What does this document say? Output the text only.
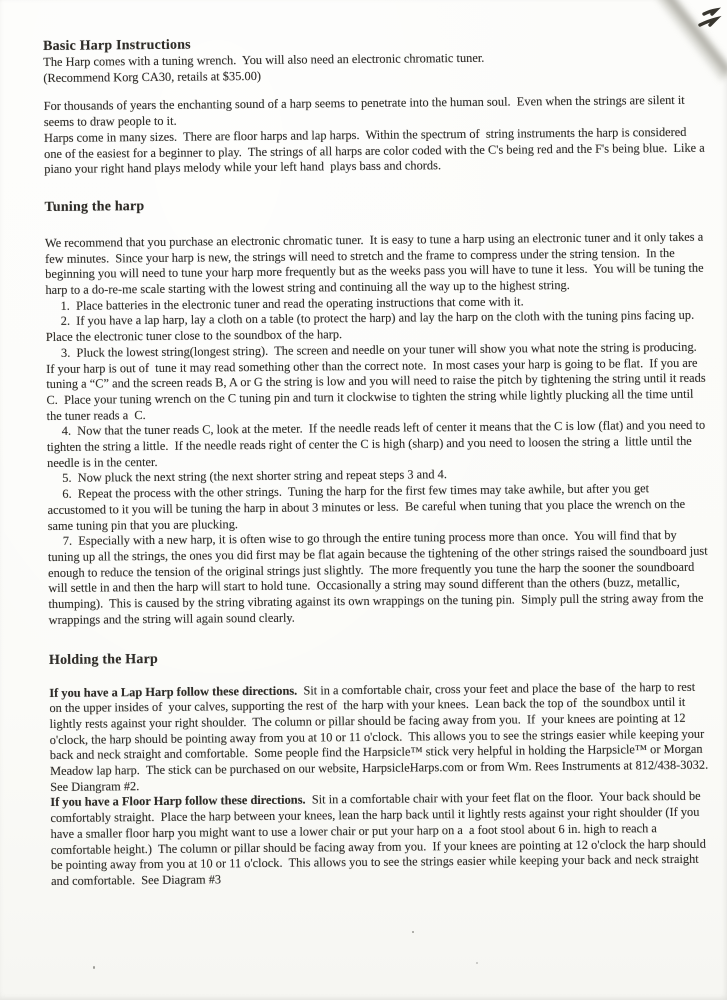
Basic Harp Instructions

The Harp comes with a tuning wrench.  You will also need an electronic chromatic tuner.

(Recommend Korg CA30, retails at $35.00)

For thousands of years the enchanting sound of a harp seems to penetrate into the human soul.  Even when the strings are silent it seems to draw people to it.

Harps come in many sizes.  There are floor harps and lap harps.  Within the spectrum of  string instruments the harp is considered one of the easiest for a beginner to play.  The strings of all harps are color coded with the C's being red and the F's being blue.  Like a piano your right hand plays melody while your left hand  plays bass and chords.

Tuning the harp

We recommend that you purchase an electronic chromatic tuner.  It is easy to tune a harp using an electronic tuner and it only takes a few minutes.  Since your harp is new, the strings will need to stretch and the frame to compress under the string tension.  In the beginning you will need to tune your harp more frequently but as the weeks pass you will have to tune it less.  You will be tuning the harp to a do-re-me scale starting with the lowest string and continuing all the way up to the highest string.

1.  Place batteries in the electronic tuner and read the operating instructions that come with it.

2.  If you have a lap harp, lay a cloth on a table (to protect the harp) and lay the harp on the cloth with the tuning pins facing up.  Place the electronic tuner close to the soundbox of the harp.

3.  Pluck the lowest string(longest string).  The screen and needle on your tuner will show you what note the string is producing.  If your harp is out of  tune it may read something other than the correct note.  In most cases your harp is going to be flat.  If you are tuning a “C” and the screen reads B, A or G the string is low and you will need to raise the pitch by tightening the string until it reads C.  Place your tuning wrench on the C tuning pin and turn it clockwise to tighten the string while lightly plucking all the time until the tuner reads a  C.

4.  Now that the tuner reads C, look at the meter.  If the needle reads left of center it means that the C is low (flat) and you need to tighten the string a little.  If the needle reads right of center the C is high (sharp) and you need to loosen the string a  little until the needle is in the center.

5.  Now pluck the next string (the next shorter string and repeat steps 3 and 4.

6.  Repeat the process with the other strings.  Tuning the harp for the first few times may take awhile, but after you get accustomed to it you will be tuning the harp in about 3 minutes or less.  Be careful when tuning that you place the wrench on the same tuning pin that you are plucking.

7.  Especially with a new harp, it is often wise to go through the entire tuning process more than once.  You will find that by tuning up all the strings, the ones you did first may be flat again because the tightening of the other strings raised the soundboard just enough to reduce the tension of the original strings just slightly.  The more frequently you tune the harp the sooner the soundboard will settle in and then the harp will start to hold tune.  Occasionally a string may sound different than the others (buzz, metallic, thumping).  This is caused by the string vibrating against its own wrappings on the tuning pin.  Simply pull the string away from the wrappings and the string will again sound clearly.

Holding the Harp

If you have a Lap Harp follow these directions.  Sit in a comfortable chair, cross your feet and place the base of  the harp to rest on the upper insides of  your calves, supporting the rest of  the harp with your knees.  Lean back the top of  the soundbox until it lightly rests against your right shoulder.  The column or pillar should be facing away from you.  If  your knees are pointing at 12 o'clock, the harp should be pointing away from you at 10 or 11 o'clock.  This allows you to see the strings easier while keeping your back and neck straight and comfortable.  Some people find the Harpsicle™ stick very helpful in holding the Harpsicle™ or Morgan Meadow lap harp.  The stick can be purchased on our website, HarpsicleHarps.com or from Wm. Rees Instruments at 812/438-3032.  See Diangram #2.

If you have a Floor Harp follow these directions.  Sit in a comfortable chair with your feet flat on the floor.  Your back should be comfortably straight.  Place the harp between your knees, lean the harp back until it lightly rests against your right shoulder (If you have a smaller floor harp you might want to use a lower chair or put your harp on a  a foot stool about 6 in. high to reach a comfortable height.)  The column or pillar should be facing away from you.  If your knees are pointing at 12 o'clock the harp should be pointing away from you at 10 or 11 o'clock.  This allows you to see the strings easier while keeping your back and neck straight and comfortable.  See Diagram #3
